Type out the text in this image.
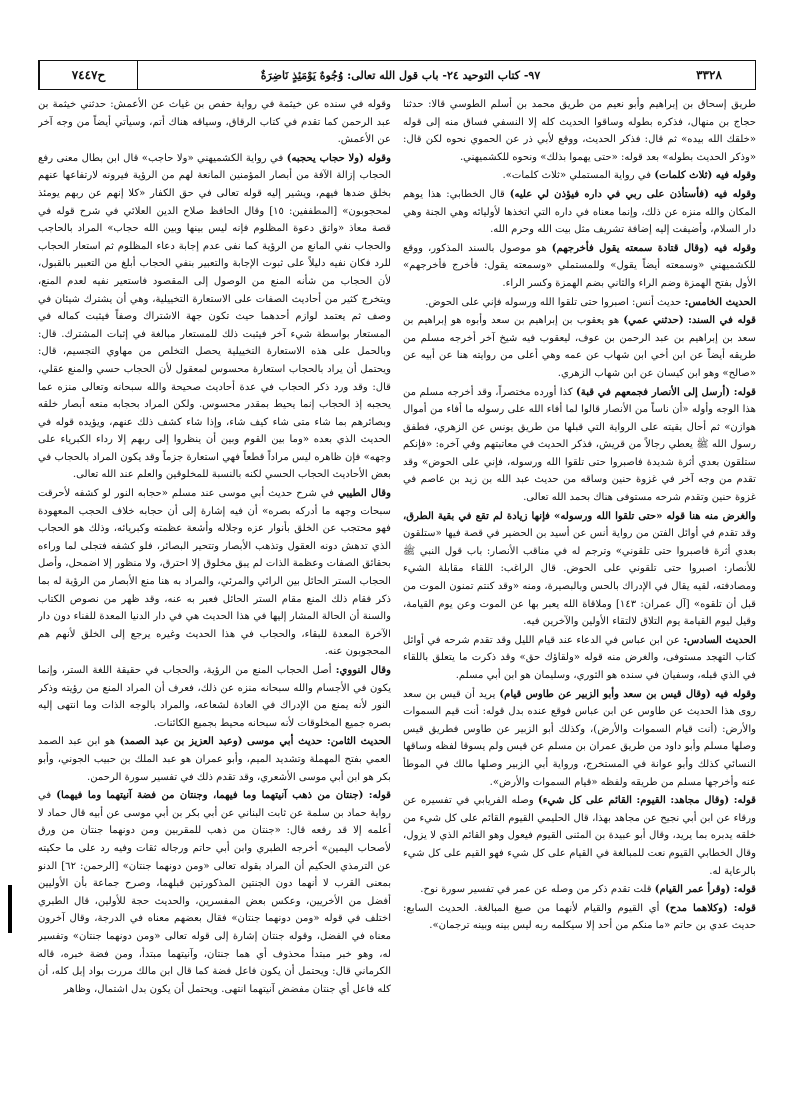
ح٧٤٤٧	٩٧- كتاب التوحيد ٢٤- باب قول الله تعالى: وُجُوهٌ يَوْمَئِذٍ نَاضِرَةٌ	٣٣٢٨

وقوله في سنده عن خيثمة في رواية حفص بن غياث عن الأعمش: حدثني خيثمة بن عبد الرحمن كما تقدم في كتاب الرقاق، وسياقه هناك أتم، وسيأتي أيضاً من وجه آخر عن الأعمش.

وقوله (ولا حجاب يحجبه) في رواية الكشميهني «ولا حاجب» قال ابن بطال معنى رفع الحجاب إزالة الآفة من أبصار المؤمنين المانعة لهم من الرؤية فيرونه لارتفاعها عنهم بخلق ضدها فيهم، ويشير إليه قوله تعالى في حق الكفار «كلا إنهم عن ربهم يومئذ لمحجوبون» [المطففين: ١٥] وقال الحافظ صلاح الدين العلائي في شرح قوله في قصة معاذ «واتق دعوة المظلوم فإنه ليس بينها وبين الله حجاب» المراد بالحاجب والحجاب نفي المانع من الرؤية كما نفى عدم إجابة دعاء المظلوم ثم استعار الحجاب للرد فكان نفيه دليلاً على ثبوت الإجابة والتعبير بنفي الحجاب أبلغ من التعبير بالقبول، لأن الحجاب من شأنه المنع من الوصول إلى المقصود فاستعير نفيه لعدم المنع، ويتخرج كثير من أحاديث الصفات على الاستعارة التخييلية، وهي أن يشترك شيئان في وصف ثم يعتمد لوازم أحدهما حيث تكون جهة الاشتراك وصفاً فيثبت كماله في المستعار بواسطة شيء آخر فيثبت ذلك للمستعار مبالغة في إثبات المشترك. قال: وبالحمل على هذه الاستعارة التخييلية يحصل التخلص من مهاوي التجسيم، قال: ويحتمل أن يراد بالحجاب استعارة محسوس لمعقول لأن الحجاب حسي والمنع عقلي، قال: وقد ورد ذكر الحجاب في عدة أحاديث صحيحة والله سبحانه وتعالى منزه عما يحجبه إذ الحجاب إنما يحيط بمقدر محسوس. ولكن المراد بحجابه منعه أبصار خلقه وبصائرهم بما شاء متى شاء كيف شاء، وإذا شاء كشف ذلك عنهم، ويؤيده قوله في الحديث الذي بعده «وما بين القوم وبين أن ينظروا إلى ربهم إلا رداء الكبرياء على وجهه» فإن ظاهره ليس مراداً قطعاً فهي استعارة جزماً وقد يكون المراد بالحجاب في بعض الأحاديث الحجاب الحسي لكنه بالنسبة للمخلوقين والعلم عند الله تعالى.

وقال الطيبي في شرح حديث أبي موسى عند مسلم «حجابه النور لو كشفه لأحرقت سبحات وجهه ما أدركه بصره» أن فيه إشارة إلى أن حجابه خلاف الحجب المعهودة فهو محتجب عن الخلق بأنوار عزه وجلاله وأشعة عظمته وكبريائه، وذلك هو الحجاب الذي تدهش دونه العقول وتذهب الأبصار وتتحير البصائر، فلو كشفه فتجلى لما وراءه بحقائق الصفات وعظمة الذات لم يبق مخلوق إلا احترق، ولا منظور إلا اضمحل، وأصل الحجاب الستر الحائل بين الرائي والمرئي، والمراد به هنا منع الأبصار من الرؤية له بما ذكر فقام ذلك المنع مقام الستر الحائل فعبر به عنه، وقد ظهر من نصوص الكتاب والسنة أن الحالة المشار إليها في هذا الحديث هي في دار الدنيا المعدة للفناء دون دار الآخرة المعدة للبقاء، والحجاب في هذا الحديث وغيره يرجع إلى الخلق لأنهم هم المحجوبون عنه.

وقال النووي: أصل الحجاب المنع من الرؤية، والحجاب في حقيقة اللغة الستر، وإنما يكون في الأجسام والله سبحانه منزه عن ذلك، فعرف أن المراد المنع من رؤيته وذكر النور لأنه يمنع من الإدراك في العادة لشعاعه، والمراد بالوجه الذات وما انتهى إليه بصره جميع المخلوقات لأنه سبحانه محيط بجميع الكائنات.

الحديث الثامن: حديث أبي موسى (وعبد العزيز بن عبد الصمد) هو ابن عبد الصمد العمي بفتح المهملة وتشديد الميم، وأبو عمران هو عبد الملك بن حبيب الجوني، وأبو بكر هو ابن أبي موسى الأشعري، وقد تقدم ذلك في تفسير سورة الرحمن.

قوله: (جنتان من ذهب آنيتهما وما فيهما، وجنتان من فضة آنيتهما وما فيهما) في رواية حماد بن سلمة عن ثابت البناني عن أبي بكر بن أبي موسى عن أبيه قال حماد لا أعلمه إلا قد رفعه قال: «جنتان من ذهب للمقربين ومن دونهما جنتان من ورق لأصحاب اليمين» أخرجه الطبري وابن أبي حاتم ورجاله ثقات وفيه رد على ما حكيته عن الترمذي الحكيم أن المراد بقوله تعالى «ومن دونهما جنتان» [الرحمن: ٦٢] الدنو بمعنى القرب لا أنهما دون الجنتين المذكورتين قبلهما، وصرح جماعة بأن الأوليين أفضل من الأخريين، وعكس بعض المفسرين، والحديث حجة للأولين، قال الطبري اختلف في قوله «ومن دونهما جنتان» فقال بعضهم معناه في الدرجة، وقال آخرون معناه في الفضل، وقوله جنتان إشارة إلى قوله تعالى «ومن دونهما جنتان» وتفسير له، وهو خبر مبتدأ محذوف أي هما جنتان، وآنيتهما مبتدأ، ومن فضة خبره، قاله الكرماني قال: ويحتمل أن يكون فاعل فضة كما قال ابن مالك مررت بواد إبل كله، أن كله فاعل أي جنتان مفضض آنيتهما انتهى. ويحتمل أن يكون بدل اشتمال، وظاهر

طريق إسحاق بن إبراهيم وأبو نعيم من طريق محمد بن أسلم الطوسي قالا: حدثنا حجاج بن منهال، فذكره بطوله وساقوا الحديث كله إلا النسفي فساق منه إلى قوله «خلقك الله بيده» ثم قال: فذكر الحديث، ووقع لأبي ذر عن الحموي نحوه لكن قال: «وذكر الحديث بطوله» بعد قوله: «حتى يهموا بذلك» ونحوه للكشميهني.

وقوله فيه (ثلاث كلمات) في رواية المستملي «ثلاث كلمات».

وقوله فيه (فأستأذن على ربي في داره فيؤذن لي عليه) قال الخطابي: هذا يوهم المكان والله منزه عن ذلك، وإنما معناه في داره التي اتخذها لأوليائه وهي الجنة وهي دار السلام، وأضيفت إليه إضافة تشريف مثل بيت الله وحرم الله.

وقوله فيه (وقال قتادة سمعته يقول فأخرجهم) هو موصول بالسند المذكور، ووقع للكشميهني «وسمعته أيضاً يقول» وللمستملي «وسمعته يقول: فأخرج فأخرجهم» الأول بفتح الهمزة وضم الراء والثاني بضم الهمزة وكسر الراء.

الحديث الخامس: حديث أنس: اصبروا حتى تلقوا الله ورسوله فإني على الحوض.

قوله في السند: (حدثني عمي) هو يعقوب بن إبراهيم بن سعد وأبوه هو إبراهيم بن سعد بن إبراهيم بن عبد الرحمن بن عوف، ليعقوب فيه شيخ آخر أخرجه مسلم من طريقه أيضاً عن ابن أخي ابن شهاب عن عمه وهي أعلى من روايته هنا عن أبيه عن «صالح» وهو ابن كيسان عن ابن شهاب الزهري.

قوله: (أرسل إلى الأنصار فجمعهم في قبة) كذا أورده مختصراً، وقد أخرجه مسلم من هذا الوجه وأوله «أن ناساً من الأنصار قالوا لما أفاء الله على رسوله ما أفاء من أموال هوازن» ثم أحال بقيته على الرواية التي قبلها من طريق يونس عن الزهري، فطفق رسول الله ﷺ يعطي رجالاً من قريش، فذكر الحديث في معاتبتهم وفي آخره: «فإنكم ستلقون بعدي أثرة شديدة فاصبروا حتى تلقوا الله ورسوله، فإني على الحوض» وقد تقدم من وجه آخر في غزوة حنين وساقه من حديث عبد الله بن زيد بن عاصم في غزوة حنين وتقدم شرحه مستوفى هناك بحمد الله تعالى.

والغرض منه هنا قوله «حتى تلقوا الله ورسوله» فإنها زيادة لم تقع في بقية الطرق، وقد تقدم في أوائل الفتن من رواية أنس عن أسيد بن الحضير في قصة فيها «ستلقون بعدي أثرة فاصبروا حتى تلقوني» وترجم له في مناقب الأنصار: باب قول النبي ﷺ للأنصار: اصبروا حتى تلقوني على الحوض. قال الراغب: اللقاء مقابلة الشيء ومصادفته، لقيه يقال في الإدراك بالحس وبالبصيرة، ومنه «وقد كنتم تمنون الموت من قبل أن تلقوه» [آل عمران: ١٤٣] وملاقاة الله يعبر بها عن الموت وعن يوم القيامة، وقيل ليوم القيامة يوم التلاق لالتقاء الأولين والآخرين فيه.

الحديث السادس: عن ابن عباس في الدعاء عند قيام الليل وقد تقدم شرحه في أوائل كتاب التهجد مستوفى، والغرض منه قوله «ولقاؤك حق» وقد ذكرت ما يتعلق باللقاء في الذي قبله، وسفيان في سنده هو الثوري، وسليمان هو ابن أبي مسلم.

وقوله فيه (وقال قيس بن سعد وأبو الزبير عن طاوس قيام) يريد أن قيس بن سعد روى هذا الحديث عن طاوس عن ابن عباس فوقع عنده بدل قوله: أنت قيم السموات والأرض: (أنت قيام السموات والأرض)، وكذلك أبو الزبير عن طاوس فطريق قيس وصلها مسلم وأبو داود من طريق عمران بن مسلم عن قيس ولم يسوقا لفظه وساقها النسائي كذلك وأبو عوانة في المستخرج، ورواية أبي الزبير وصلها مالك في الموطأ عنه وأخرجها مسلم من طريقه ولفظه «قيام السموات والأرض».

قوله: (وقال مجاهد: القيوم: القائم على كل شيء) وصله الفريابي في تفسيره عن ورقاء عن ابن أبي نجيح عن مجاهد بهذا، قال الحليمي القيوم القائم على كل شيء من خلقه يدبره بما يريد، وقال أبو عبيدة بن المثنى القيوم فيعول وهو القائم الذي لا يزول، وقال الخطابي القيوم نعت للمبالغة في القيام على كل شيء فهو القيم على كل شيء بالرعاية له.

قوله: (وقرأ عمر القيام) قلت تقدم ذكر من وصله عن عمر في تفسير سورة نوح.

قوله: (وكلاهما مدح) أي القيوم والقيام لأنهما من صيغ المبالغة. الحديث السابع: حديث عدي بن حاتم «ما منكم من أحد إلا سيكلمه ربه ليس بينه وبينه ترجمان».
